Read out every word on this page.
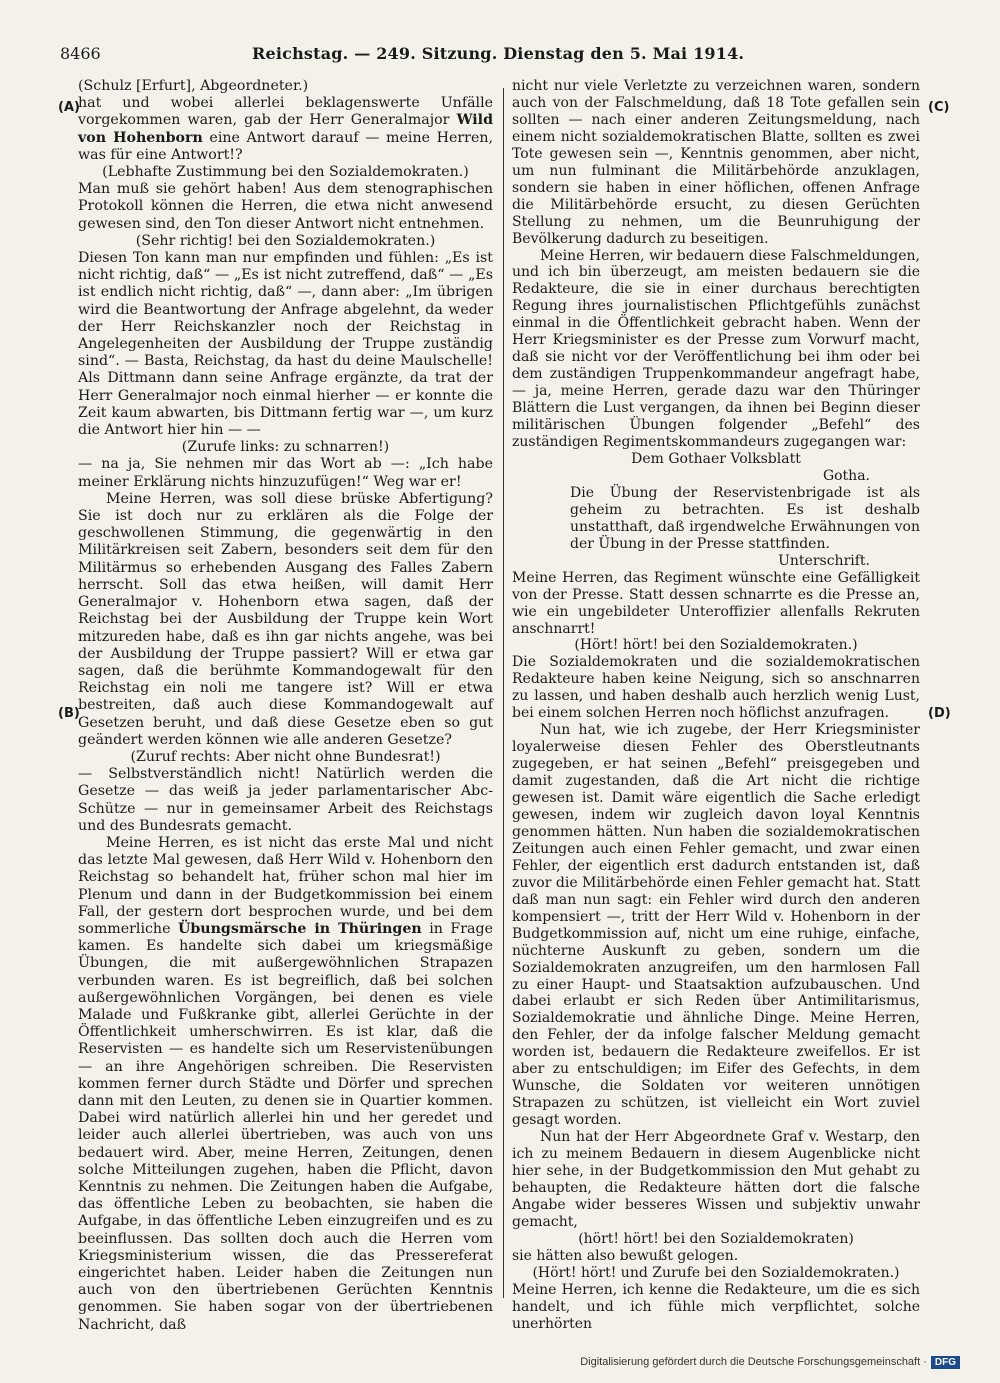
8466	Reichstag. — 249. Sitzung. Dienstag den 5. Mai 1914.
(A)
(B)
(C)
(D)

(Schulz [Erfurt], Abgeordneter.)

hat und wobei allerlei beklagenswerte Unfälle vorgekommen waren, gab der Herr Generalmajor Wild von Hohenborn eine Antwort darauf — meine Herren, was für eine Antwort!?

(Lebhafte Zustimmung bei den Sozialdemokraten.)

Man muß sie gehört haben! Aus dem stenographischen Protokoll können die Herren, die etwa nicht anwesend gewesen sind, den Ton dieser Antwort nicht entnehmen.

(Sehr richtig! bei den Sozialdemokraten.)

Diesen Ton kann man nur empfinden und fühlen: „Es ist nicht richtig, daß“ — „Es ist nicht zutreffend, daß“ — „Es ist endlich nicht richtig, daß“ —, dann aber: „Im übrigen wird die Beantwortung der Anfrage abgelehnt, da weder der Herr Reichskanzler noch der Reichstag in Angelegenheiten der Ausbildung der Truppe zuständig sind“. — Basta, Reichstag, da hast du deine Maulschelle! Als Dittmann dann seine Anfrage ergänzte, da trat der Herr Generalmajor noch einmal hierher — er konnte die Zeit kaum abwarten, bis Dittmann fertig war —, um kurz die Antwort hier hin — —

(Zurufe links: zu schnarren!)

— na ja, Sie nehmen mir das Wort ab —: „Ich habe meiner Erklärung nichts hinzuzufügen!“ Weg war er!

Meine Herren, was soll diese brüske Abfertigung? Sie ist doch nur zu erklären als die Folge der geschwollenen Stimmung, die gegenwärtig in den Militärkreisen seit Zabern, besonders seit dem für den Militärmus so erhebenden Ausgang des Falles Zabern herrscht. Soll das etwa heißen, will damit Herr Generalmajor v. Hohenborn etwa sagen, daß der Reichstag bei der Ausbildung der Truppe kein Wort mitzureden habe, daß es ihn gar nichts angehe, was bei der Ausbildung der Truppe passiert? Will er etwa gar sagen, daß die berühmte Kommandogewalt für den Reichstag ein noli me tangere ist? Will er etwa bestreiten, daß auch diese Kommandogewalt auf Gesetzen beruht, und daß diese Gesetze eben so gut geändert werden können wie alle anderen Gesetze?

(Zuruf rechts: Aber nicht ohne Bundesrat!)

— Selbstverständlich nicht! Natürlich werden die Gesetze — das weiß ja jeder parlamentarischer Abc-Schütze — nur in gemeinsamer Arbeit des Reichstags und des Bundesrats gemacht.

Meine Herren, es ist nicht das erste Mal und nicht das letzte Mal gewesen, daß Herr Wild v. Hohenborn den Reichstag so behandelt hat, früher schon mal hier im Plenum und dann in der Budgetkommission bei einem Fall, der gestern dort besprochen wurde, und bei dem sommerliche Übungsmärsche in Thüringen in Frage kamen. Es handelte sich dabei um kriegsmäßige Übungen, die mit außergewöhnlichen Strapazen verbunden waren. Es ist begreiflich, daß bei solchen außergewöhnlichen Vorgängen, bei denen es viele Malade und Fußkranke gibt, allerlei Gerüchte in der Öffentlichkeit umherschwirren. Es ist klar, daß die Reservisten — es handelte sich um Reservistenübungen — an ihre Angehörigen schreiben. Die Reservisten kommen ferner durch Städte und Dörfer und sprechen dann mit den Leuten, zu denen sie in Quartier kommen. Dabei wird natürlich allerlei hin und her geredet und leider auch allerlei übertrieben, was auch von uns bedauert wird. Aber, meine Herren, Zeitungen, denen solche Mitteilungen zugehen, haben die Pflicht, davon Kenntnis zu nehmen. Die Zeitungen haben die Aufgabe, das öffentliche Leben zu beobachten, sie haben die Aufgabe, in das öffentliche Leben einzugreifen und es zu beeinflussen. Das sollten doch auch die Herren vom Kriegsministerium wissen, die das Pressereferat eingerichtet haben. Leider haben die Zeitungen nun auch von den übertriebenen Gerüchten Kenntnis genommen. Sie haben sogar von der übertriebenen Nachricht, daß

nicht nur viele Verletzte zu verzeichnen waren, sondern auch von der Falschmeldung, daß 18 Tote gefallen sein sollten — nach einer anderen Zeitungsmeldung, nach einem nicht sozialdemokratischen Blatte, sollten es zwei Tote gewesen sein —, Kenntnis genommen, aber nicht, um nun fulminant die Militärbehörde anzuklagen, sondern sie haben in einer höflichen, offenen Anfrage die Militärbehörde ersucht, zu diesen Gerüchten Stellung zu nehmen, um die Beunruhigung der Bevölkerung dadurch zu beseitigen.

Meine Herren, wir bedauern diese Falschmeldungen, und ich bin überzeugt, am meisten bedauern sie die Redakteure, die sie in einer durchaus berechtigten Regung ihres journalistischen Pflichtgefühls zunächst einmal in die Öffentlichkeit gebracht haben. Wenn der Herr Kriegsminister es der Presse zum Vorwurf macht, daß sie nicht vor der Veröffentlichung bei ihm oder bei dem zuständigen Truppenkommandeur angefragt habe, — ja, meine Herren, gerade dazu war den Thüringer Blättern die Lust vergangen, da ihnen bei Beginn dieser militärischen Übungen folgender „Befehl“ des zuständigen Regimentskommandeurs zugegangen war:

Dem Gothaer Volksblatt

Gotha.

Die Übung der Reservistenbrigade ist als geheim zu betrachten. Es ist deshalb unstatthaft, daß irgendwelche Erwähnungen von der Übung in der Presse stattfinden.

Unterschrift.

Meine Herren, das Regiment wünschte eine Gefälligkeit von der Presse. Statt dessen schnarrte es die Presse an, wie ein ungebildeter Unteroffizier allenfalls Rekruten anschnarrt!

(Hört! hört! bei den Sozialdemokraten.)

Die Sozialdemokraten und die sozialdemokratischen Redakteure haben keine Neigung, sich so anschnarren zu lassen, und haben deshalb auch herzlich wenig Lust, bei einem solchen Herren noch höflichst anzufragen.

Nun hat, wie ich zugebe, der Herr Kriegsminister loyalerweise diesen Fehler des Oberstleutnants zugegeben, er hat seinen „Befehl“ preisgegeben und damit zugestanden, daß die Art nicht die richtige gewesen ist. Damit wäre eigentlich die Sache erledigt gewesen, indem wir zugleich davon loyal Kenntnis genommen hätten. Nun haben die sozialdemokratischen Zeitungen auch einen Fehler gemacht, und zwar einen Fehler, der eigentlich erst dadurch entstanden ist, daß zuvor die Militärbehörde einen Fehler gemacht hat. Statt daß man nun sagt: ein Fehler wird durch den anderen kompensiert —, tritt der Herr Wild v. Hohenborn in der Budgetkommission auf, nicht um eine ruhige, einfache, nüchterne Auskunft zu geben, sondern um die Sozialdemokraten anzugreifen, um den harmlosen Fall zu einer Haupt- und Staatsaktion aufzubauschen. Und dabei erlaubt er sich Reden über Antimilitarismus, Sozialdemokratie und ähnliche Dinge. Meine Herren, den Fehler, der da infolge falscher Meldung gemacht worden ist, bedauern die Redakteure zweifellos. Er ist aber zu entschuldigen; im Eifer des Gefechts, in dem Wunsche, die Soldaten vor weiteren unnötigen Strapazen zu schützen, ist vielleicht ein Wort zuviel gesagt worden.

Nun hat der Herr Abgeordnete Graf v. Westarp, den ich zu meinem Bedauern in diesem Augenblicke nicht hier sehe, in der Budgetkommission den Mut gehabt zu behaupten, die Redakteure hätten dort die falsche Angabe wider besseres Wissen und subjektiv unwahr gemacht,

(hört! hört! bei den Sozialdemokraten)

sie hätten also bewußt gelogen.

(Hört! hört! und Zurufe bei den Sozialdemokraten.)

Meine Herren, ich kenne die Redakteure, um die es sich handelt, und ich fühle mich verpflichtet, solche unerhörten

Digitalisierung gefördert durch die Deutsche Forschungsgemeinschaft · DFG
